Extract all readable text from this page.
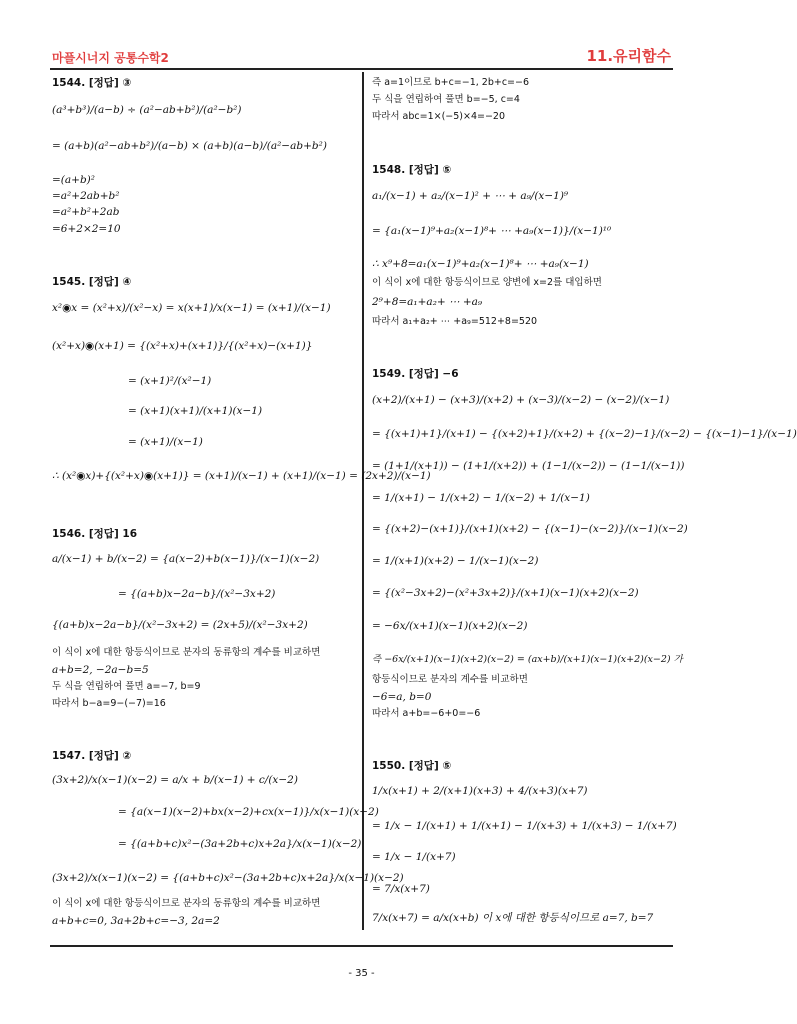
마플시너지 공통수학2	11.유리함수
1544. [정답] ③
(a³+b³)/(a−b) ÷ (a²−ab+b²)/(a²−b²)
= (a+b)(a²−ab+b²)/(a−b) × (a+b)(a−b)/(a²−ab+b²)
=(a+b)²
=a²+2ab+b²
=a²+b²+2ab
=6+2×2=10
1545. [정답] ④
x²◉x = (x²+x)/(x²−x) = x(x+1)/x(x−1) = (x+1)/(x−1)
(x²+x)◉(x+1) = {(x²+x)+(x+1)}/{(x²+x)−(x+1)}
= (x+1)²/(x²−1)
= (x+1)(x+1)/(x+1)(x−1)
= (x+1)/(x−1)
∴ (x²◉x)+{(x²+x)◉(x+1)} = (x+1)/(x−1) + (x+1)/(x−1) = (2x+2)/(x−1)
1546. [정답] 16
a/(x−1) + b/(x−2) = {a(x−2)+b(x−1)}/(x−1)(x−2)
= {(a+b)x−2a−b}/(x²−3x+2)
{(a+b)x−2a−b}/(x²−3x+2) = (2x+5)/(x²−3x+2)
이 식이 x에 대한 항등식이므로 분자의 동류항의 계수를 비교하면
a+b=2, −2a−b=5
두 식을 연립하여 풀면 a=−7, b=9
따라서 b−a=9−(−7)=16
1547. [정답] ②
(3x+2)/x(x−1)(x−2) = a/x + b/(x−1) + c/(x−2)
= {a(x−1)(x−2)+bx(x−2)+cx(x−1)}/x(x−1)(x−2)
= {(a+b+c)x²−(3a+2b+c)x+2a}/x(x−1)(x−2)
(3x+2)/x(x−1)(x−2) = {(a+b+c)x²−(3a+2b+c)x+2a}/x(x−1)(x−2)
이 식이 x에 대한 항등식이므로 분자의 동류항의 계수를 비교하면
a+b+c=0, 3a+2b+c=−3, 2a=2
즉 a=1이므로 b+c=−1, 2b+c=−6
두 식을 연립하여 풀면 b=−5, c=4
따라서 abc=1×(−5)×4=−20
1548. [정답] ⑤
a₁/(x−1) + a₂/(x−1)² + ⋯ + a₉/(x−1)⁹
= {a₁(x−1)⁹+a₂(x−1)⁸+ ⋯ +a₉(x−1)}/(x−1)¹⁰
∴ x⁹+8=a₁(x−1)⁹+a₂(x−1)⁸+ ⋯ +a₉(x−1)
이 식이 x에 대한 항등식이므로 양변에 x=2를 대입하면
2⁹+8=a₁+a₂+ ⋯ +a₉
따라서 a₁+a₂+ ⋯ +a₉=512+8=520
1549. [정답] −6
(x+2)/(x+1) − (x+3)/(x+2) + (x−3)/(x−2) − (x−2)/(x−1)
= {(x+1)+1}/(x+1) − {(x+2)+1}/(x+2) + {(x−2)−1}/(x−2) − {(x−1)−1}/(x−1)
= (1+1/(x+1)) − (1+1/(x+2)) + (1−1/(x−2)) − (1−1/(x−1))
= 1/(x+1) − 1/(x+2) − 1/(x−2) + 1/(x−1)
= {(x+2)−(x+1)}/(x+1)(x+2) − {(x−1)−(x−2)}/(x−1)(x−2)
= 1/(x+1)(x+2) − 1/(x−1)(x−2)
= {(x²−3x+2)−(x²+3x+2)}/(x+1)(x−1)(x+2)(x−2)
= −6x/(x+1)(x−1)(x+2)(x−2)
즉 −6x/(x+1)(x−1)(x+2)(x−2) = (ax+b)/(x+1)(x−1)(x+2)(x−2) 가
항등식이므로 분자의 계수를 비교하면
−6=a, b=0
따라서 a+b=−6+0=−6
1550. [정답] ⑤
1/x(x+1) + 2/(x+1)(x+3) + 4/(x+3)(x+7)
= 1/x − 1/(x+1) + 1/(x+1) − 1/(x+3) + 1/(x+3) − 1/(x+7)
= 1/x − 1/(x+7)
= 7/x(x+7)
7/x(x+7) = a/x(x+b) 이 x에 대한 항등식이므로 a=7, b=7
- 35 -
